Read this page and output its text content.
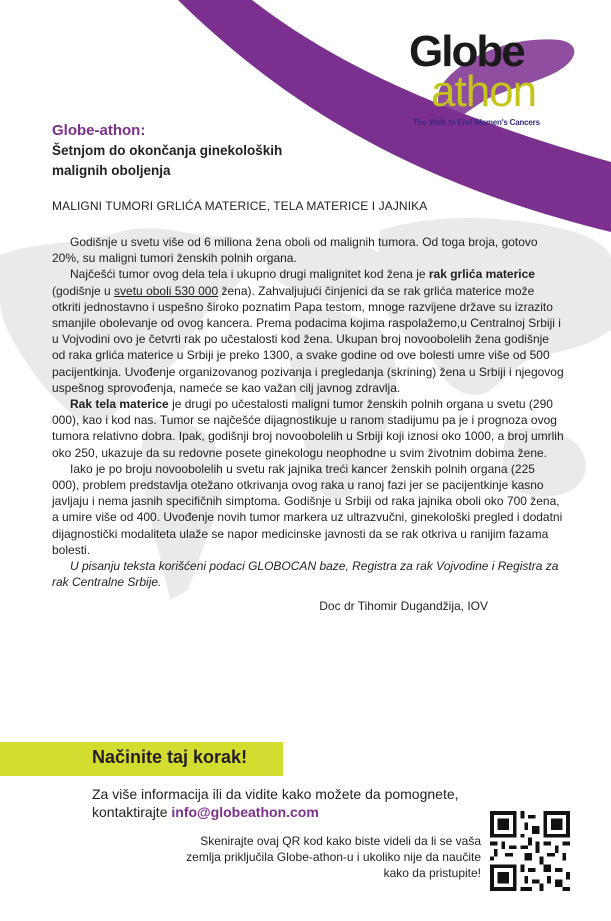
Globe
athon
The Walk to End Women's Cancers
Globe-athon:
Šetnjom do okončanja ginekoloških malignih oboljenja
MALIGNI TUMORI GRLIĆA MATERICE, TELA MATERICE I JAJNIKA

Godišnje u svetu više od 6 miliona žena oboli od malignih tumora. Od toga broja, gotovo 20%, su maligni tumori ženskih polnih organa.

Najčešći tumor ovog dela tela i ukupno drugi malignitet kod žena je rak grlića materice (godišnje u svetu oboli 530 000 žena). Zahvaljujući činjenici da se rak grlića materice može otkriti jednostavno i uspešno široko poznatim Papa testom, mnoge razvijene države su izrazito smanjile obolevanje od ovog kancera. Prema podacima kojima raspolažemo,u Centralnoj Srbiji i u Vojvodini ovo je četvrti rak po učestalosti kod žena. Ukupan broj novoobolelih žena godišnje od raka grlića materice u Srbiji je preko 1300, a svake godine od ove bolesti umre više od 500 pacijentkinja. Uvođenje organizovanog pozivanja i pregledanja (skrining) žena u Srbiji i njegovog uspešnog sprovođenja, nameće se kao važan cilj javnog zdravlja.

Rak tela materice je drugi po učestalosti maligni tumor ženskih polnih organa u svetu (290 000), kao i kod nas. Tumor se najčešće dijagnostikuje u ranom stadijumu pa je i prognoza ovog tumora relativno dobra. Ipak, godišnji broj novoobolelih u Srbiji koji iznosi oko 1000, a broj umrlih oko 250, ukazuje da su redovne posete ginekologu neophodne u svim životnim dobima žene.

Iako je po broju novoobolelih u svetu rak jajnika treći kancer ženskih polnih organa (225 000), problem predstavlja otežano otkrivanja ovog raka u ranoj fazi jer se pacijentkinje kasno javljaju i nema jasnih specifičnih simptoma. Godišnje u Srbiji od raka jajnika oboli oko 700 žena, a umire više od 400. Uvođenje novih tumor markera uz ultrazvučni, ginekološki pregled i dodatni dijagnostički modaliteta ulaže se napor medicinske javnosti da se rak otkriva u ranijim fazama bolesti.

U pisanju teksta korišćeni podaci GLOBOCAN baze, Registra za rak Vojvodine i Registra za rak Centralne Srbije.

Doc dr Tihomir Dugandžija, IOV
Načinite taj korak!
Za više informacija ili da vidite kako možete da pomognete, kontaktirajte info@globeathon.com
Skenirajte ovaj QR kod kako biste videli da li se vaša zemlja priključila Globe-athon-u i ukoliko nije da naučite kako da pristupite!
